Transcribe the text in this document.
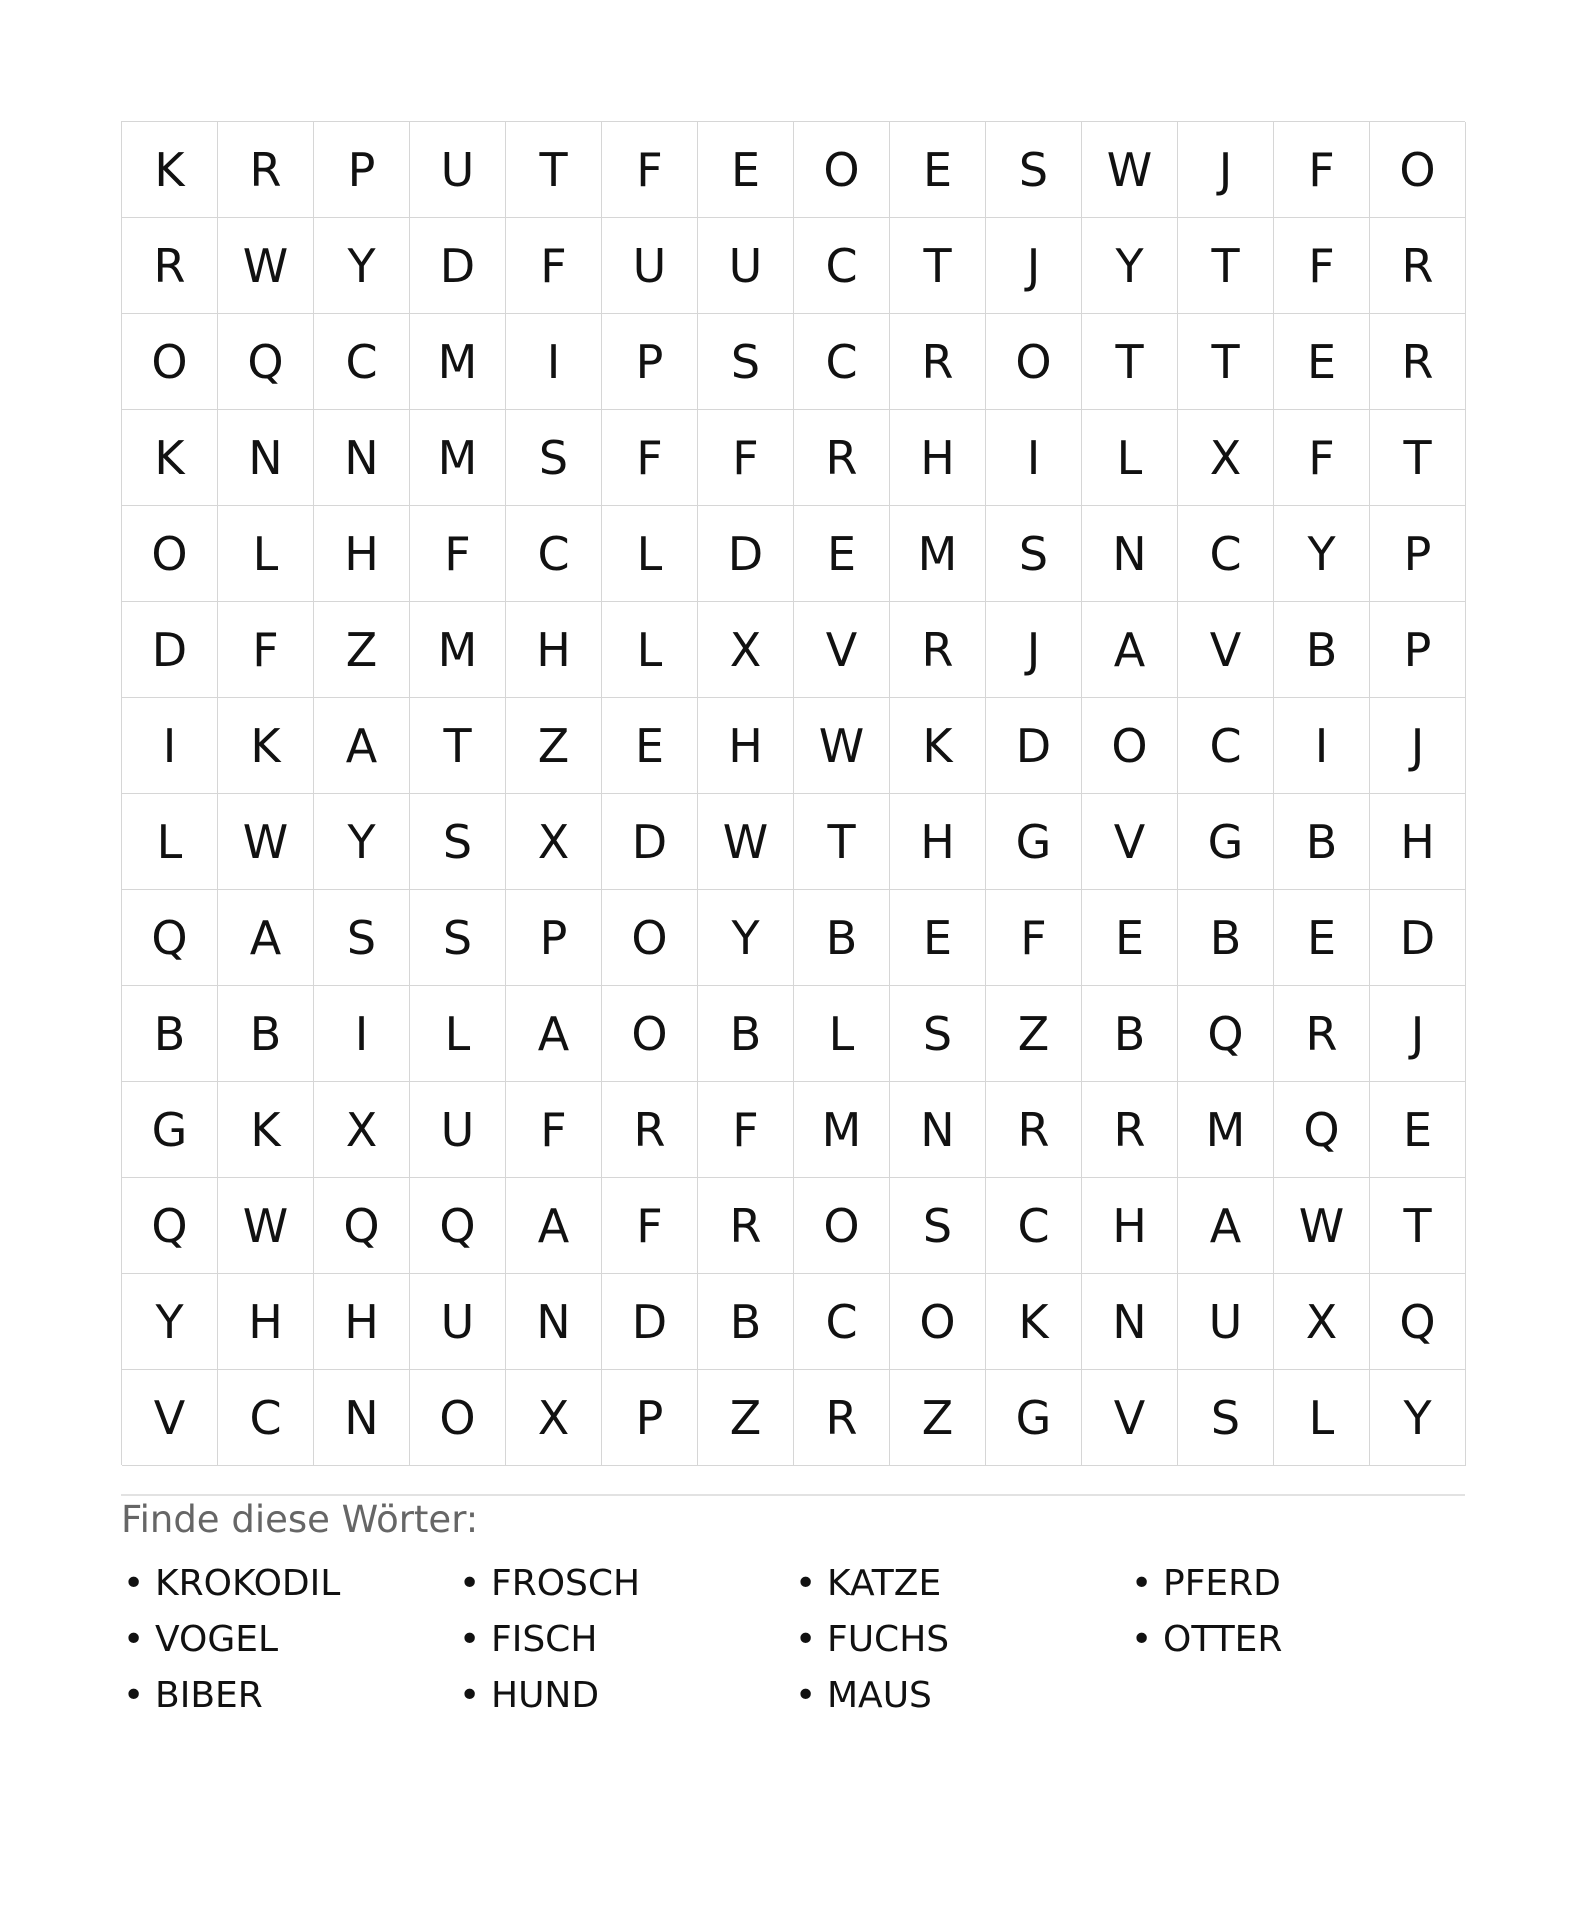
K	R	P	U	T	F	E	O	E	S	W	J	F	O
R	W	Y	D	F	U	U	C	T	J	Y	T	F	R
O	Q	C	M	I	P	S	C	R	O	T	T	E	R
K	N	N	M	S	F	F	R	H	I	L	X	F	T
O	L	H	F	C	L	D	E	M	S	N	C	Y	P
D	F	Z	M	H	L	X	V	R	J	A	V	B	P
I	K	A	T	Z	E	H	W	K	D	O	C	I	J
L	W	Y	S	X	D	W	T	H	G	V	G	B	H
Q	A	S	S	P	O	Y	B	E	F	E	B	E	D
B	B	I	L	A	O	B	L	S	Z	B	Q	R	J
G	K	X	U	F	R	F	M	N	R	R	M	Q	E
Q	W	Q	Q	A	F	R	O	S	C	H	A	W	T
Y	H	H	U	N	D	B	C	O	K	N	U	X	Q
V	C	N	O	X	P	Z	R	Z	G	V	S	L	Y
Finde diese Wörter:
• KROKODIL	• FROSCH	• KATZE	• PFERD
• VOGEL	• FISCH	• FUCHS	• OTTER
• BIBER	• HUND	• MAUS
